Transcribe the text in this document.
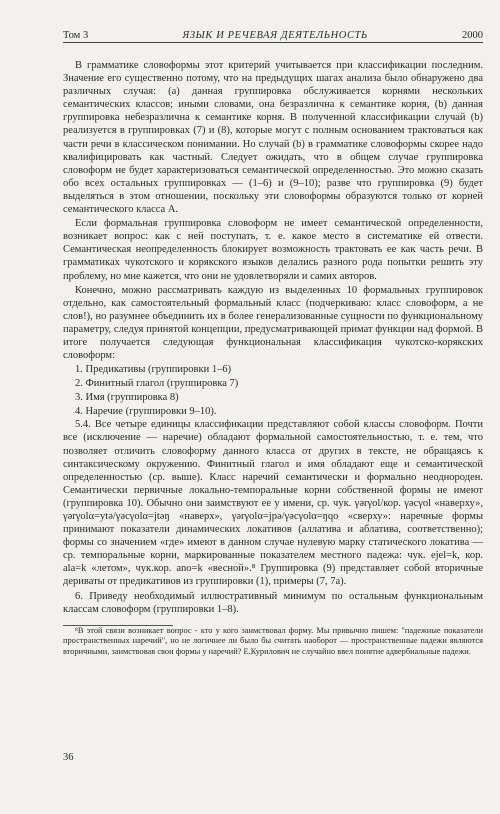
Том 3	ЯЗЫК И РЕЧЕВАЯ ДЕЯТЕЛЬНОСТЬ	2000

В грамматике словоформы этот критерий учитывается при классификации последним. Значение его существенно потому, что на предыдущих шагах анализа было обнаружено два различных случая: (a) данная группировка обслуживается корнями нескольких семантических классов; иными словами, она безразлична к семантике корня, (b) данная группировка небезразлична к семантике корня. В полученной классификации случай (b) реализуется в группировках (7) и (8), которые могут с полным основанием трактоваться как части речи в классическом понимании. Но случай (b) в грамматике словоформы скорее надо квалифицировать как частный. Следует ожидать, что в общем случае группировка словоформ не будет характеризоваться семантической определенностью. Это можно сказать обо всех остальных группировках — (1–6) и (9–10); разве что группировка (9) будет выделяться в этом отношении, поскольку эти словоформы образуются только от корней семантического класса A.

Если формальная группировка словоформ не имеет семантической определенности, возникает вопрос: как с ней поступать, т. е. какое место в систематике ей отвести. Семантическая неопределенность блокирует возможность трактовать ее как часть речи. В грамматиках чукотского и корякского языков делались разного рода попытки решить эту проблему, но мне кажется, что они не удовлетворяли и самих авторов.

Конечно, можно рассматривать каждую из выделенных 10 формальных группировок отдельно, как самостоятельный формальный класс (подчеркиваю: класс словоформ, а не слов!), но разумнее объединить их в более генерализованные сущности по функциональному параметру, следуя принятой концепции, предусматривающей примат функции над формой. В итоге получается следующая функциональная классификация чукотско-корякских словоформ:

1. Предикативы (группировки 1–6)
2. Финитный глагол (группировка 7)
3. Имя (группировка 8)
4. Наречие (группировки 9–10).

5.4. Все четыре единицы классификации представляют собой классы словоформ. Почти все (исключение — наречие) обладают формальной самостоятельностью, т. е. тем, что позволяет отличить словоформу данного класса от других в тексте, не обращаясь к синтаксическому окружению. Финитный глагол и имя обладают еще и семантической определенностью (ср. выше). Класс наречий семантически и формально неоднороден. Семантически первичные локально-темпоральные корни собственной формы не имеют (группировка 10). Обычно они заимствуют ее у имени, ср. чук. γərγol/кор. γəcγol «наверху», γərγolα=ytə/γəcγolα=jtəŋ «наверх», γərγolα=jpə/γəcγolα=ŋqo «сверху»: наречные формы принимают показатели динамических локативов (аллатива и аблатива, соответственно); формы со значением «где» имеют в данном случае нулевую марку статического локатива — ср. темпоральные корни, маркированные показателем местного падежа: чук. ejel=k, кор. ala=k «летом», чук.кор. ano=k «весной».⁸ Группировка (9) представляет собой вторичные дериваты от предикативов из группировки (1), примеры (7, 7a).

6. Приведу необходимый иллюстративный минимум по остальным функциональным классам словоформ (группировки 1–8).

⁸В этой связи возникает вопрос - кто у кого заимствовал форму. Мы привычно пишем: "падежные показатели пространственных наречий", но не логичнее ли было бы считать наоборот — пространственные падежи являются вторичными, заимствовав свои формы у наречий? Е.Курилович не случайно ввел понятие адвербиальные падежи.

36
